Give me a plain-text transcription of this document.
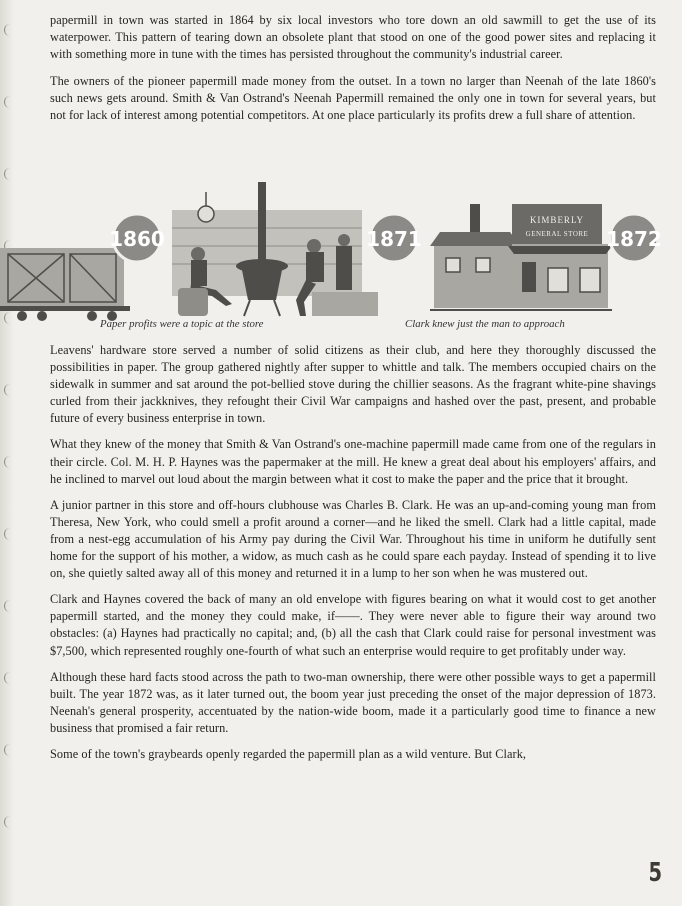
papermill in town was started in 1864 by six local investors who tore down an old sawmill to get the use of its waterpower. This pattern of tearing down an obsolete plant that stood on one of the good power sites and replacing it with something more in tune with the times has persisted throughout the community's industrial career.

The owners of the pioneer papermill made money from the outset. In a town no larger than Neenah of the late 1860's such news gets around. Smith & Van Ostrand's Neenah Papermill remained the only one in town for several years, but not for lack of interest among potential competitors. At one place particularly its profits drew a full share of attention.

KIMBERLY
GENERAL STORE
1860	1871	1872
Paper profits were a topic at the store	Clark knew just the man to approach

Leavens' hardware store served a number of solid citizens as their club, and here they thoroughly discussed the possibilities in paper. The group gathered nightly after supper to whittle and talk. The members occupied chairs on the sidewalk in summer and sat around the pot-bellied stove during the chillier seasons. As the fragrant white-pine shavings curled from their jackknives, they refought their Civil War campaigns and hashed over the past, present, and probable future of every business enterprise in town.

What they knew of the money that Smith & Van Ostrand's one-machine papermill made came from one of the regulars in their circle. Col. M. H. P. Haynes was the papermaker at the mill. He knew a great deal about his employers' affairs, and he inclined to marvel out loud about the margin between what it cost to make the paper and the price that it brought.

A junior partner in this store and off-hours clubhouse was Charles B. Clark. He was an up-and-coming young man from Theresa, New York, who could smell a profit around a corner—and he liked the smell. Clark had a little capital, made from a nest-egg accumulation of his Army pay during the Civil War. Throughout his time in uniform he dutifully sent home for the support of his mother, a widow, as much cash as he could spare each payday. Instead of spending it to live on, she quietly salted away all of this money and returned it in a lump to her son when he was mustered out.

Clark and Haynes covered the back of many an old envelope with figures bearing on what it would cost to get another papermill started, and the money they could make, if——. They were never able to figure their way around two obstacles: (a) Haynes had practically no capital; and, (b) all the cash that Clark could raise for personal investment was $7,500, which represented roughly one-fourth of what such an enterprise would require to get profitably under way.

Although these hard facts stood across the path to two-man ownership, there were other possible ways to get a papermill built. The year 1872 was, as it later turned out, the boom year just preceding the onset of the major depression of 1873. Neenah's general prosperity, accentuated by the nation-wide boom, made it a particularly good time to finance a new business that promised a fair return.

Some of the town's graybeards openly regarded the papermill plan as a wild venture. But Clark,

5
